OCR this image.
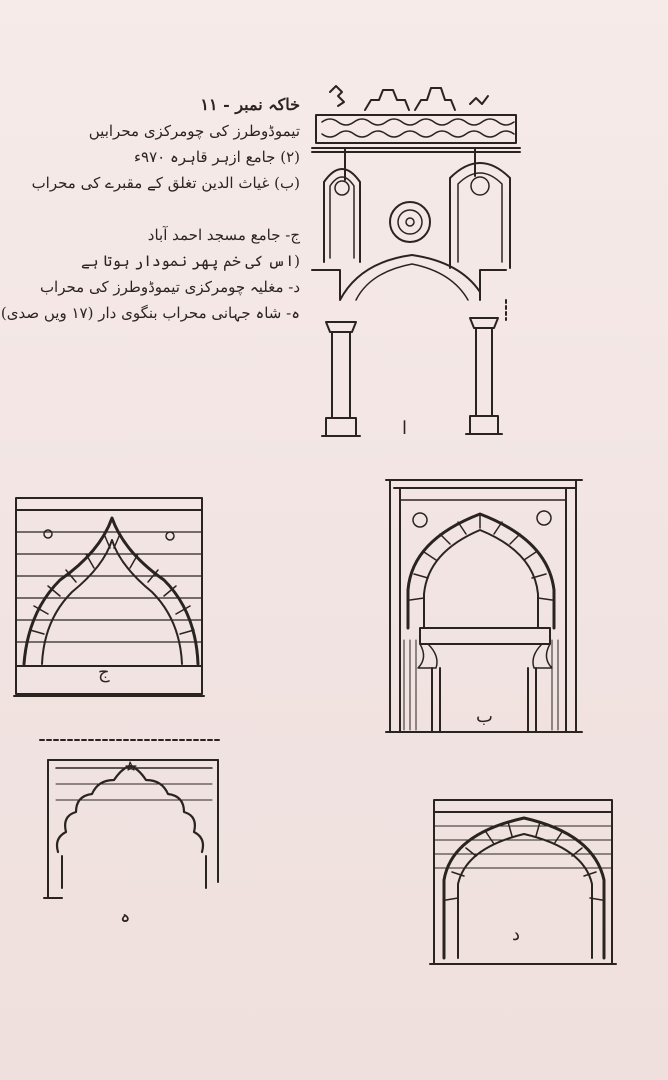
خاکہ نمبر - ۱۱
تیموڈوطرز کی چومرکزی محرابیں
(۲) جامع ازہر قاہرہ ۹۷۰ء
(ب) غیاث الدین تغلق کے مقبرے کی محراب
ج- جامع مسجد احمد آباد
(اس کی خم پھر نمودار ہوتا ہے
د- مغلیہ چومرکزی تیموڈوطرز کی محراب
ہ- شاہ جہانی محراب بنگوی دار (۱۷ ویں صدی)
ا
ب
ج
د
ہ
